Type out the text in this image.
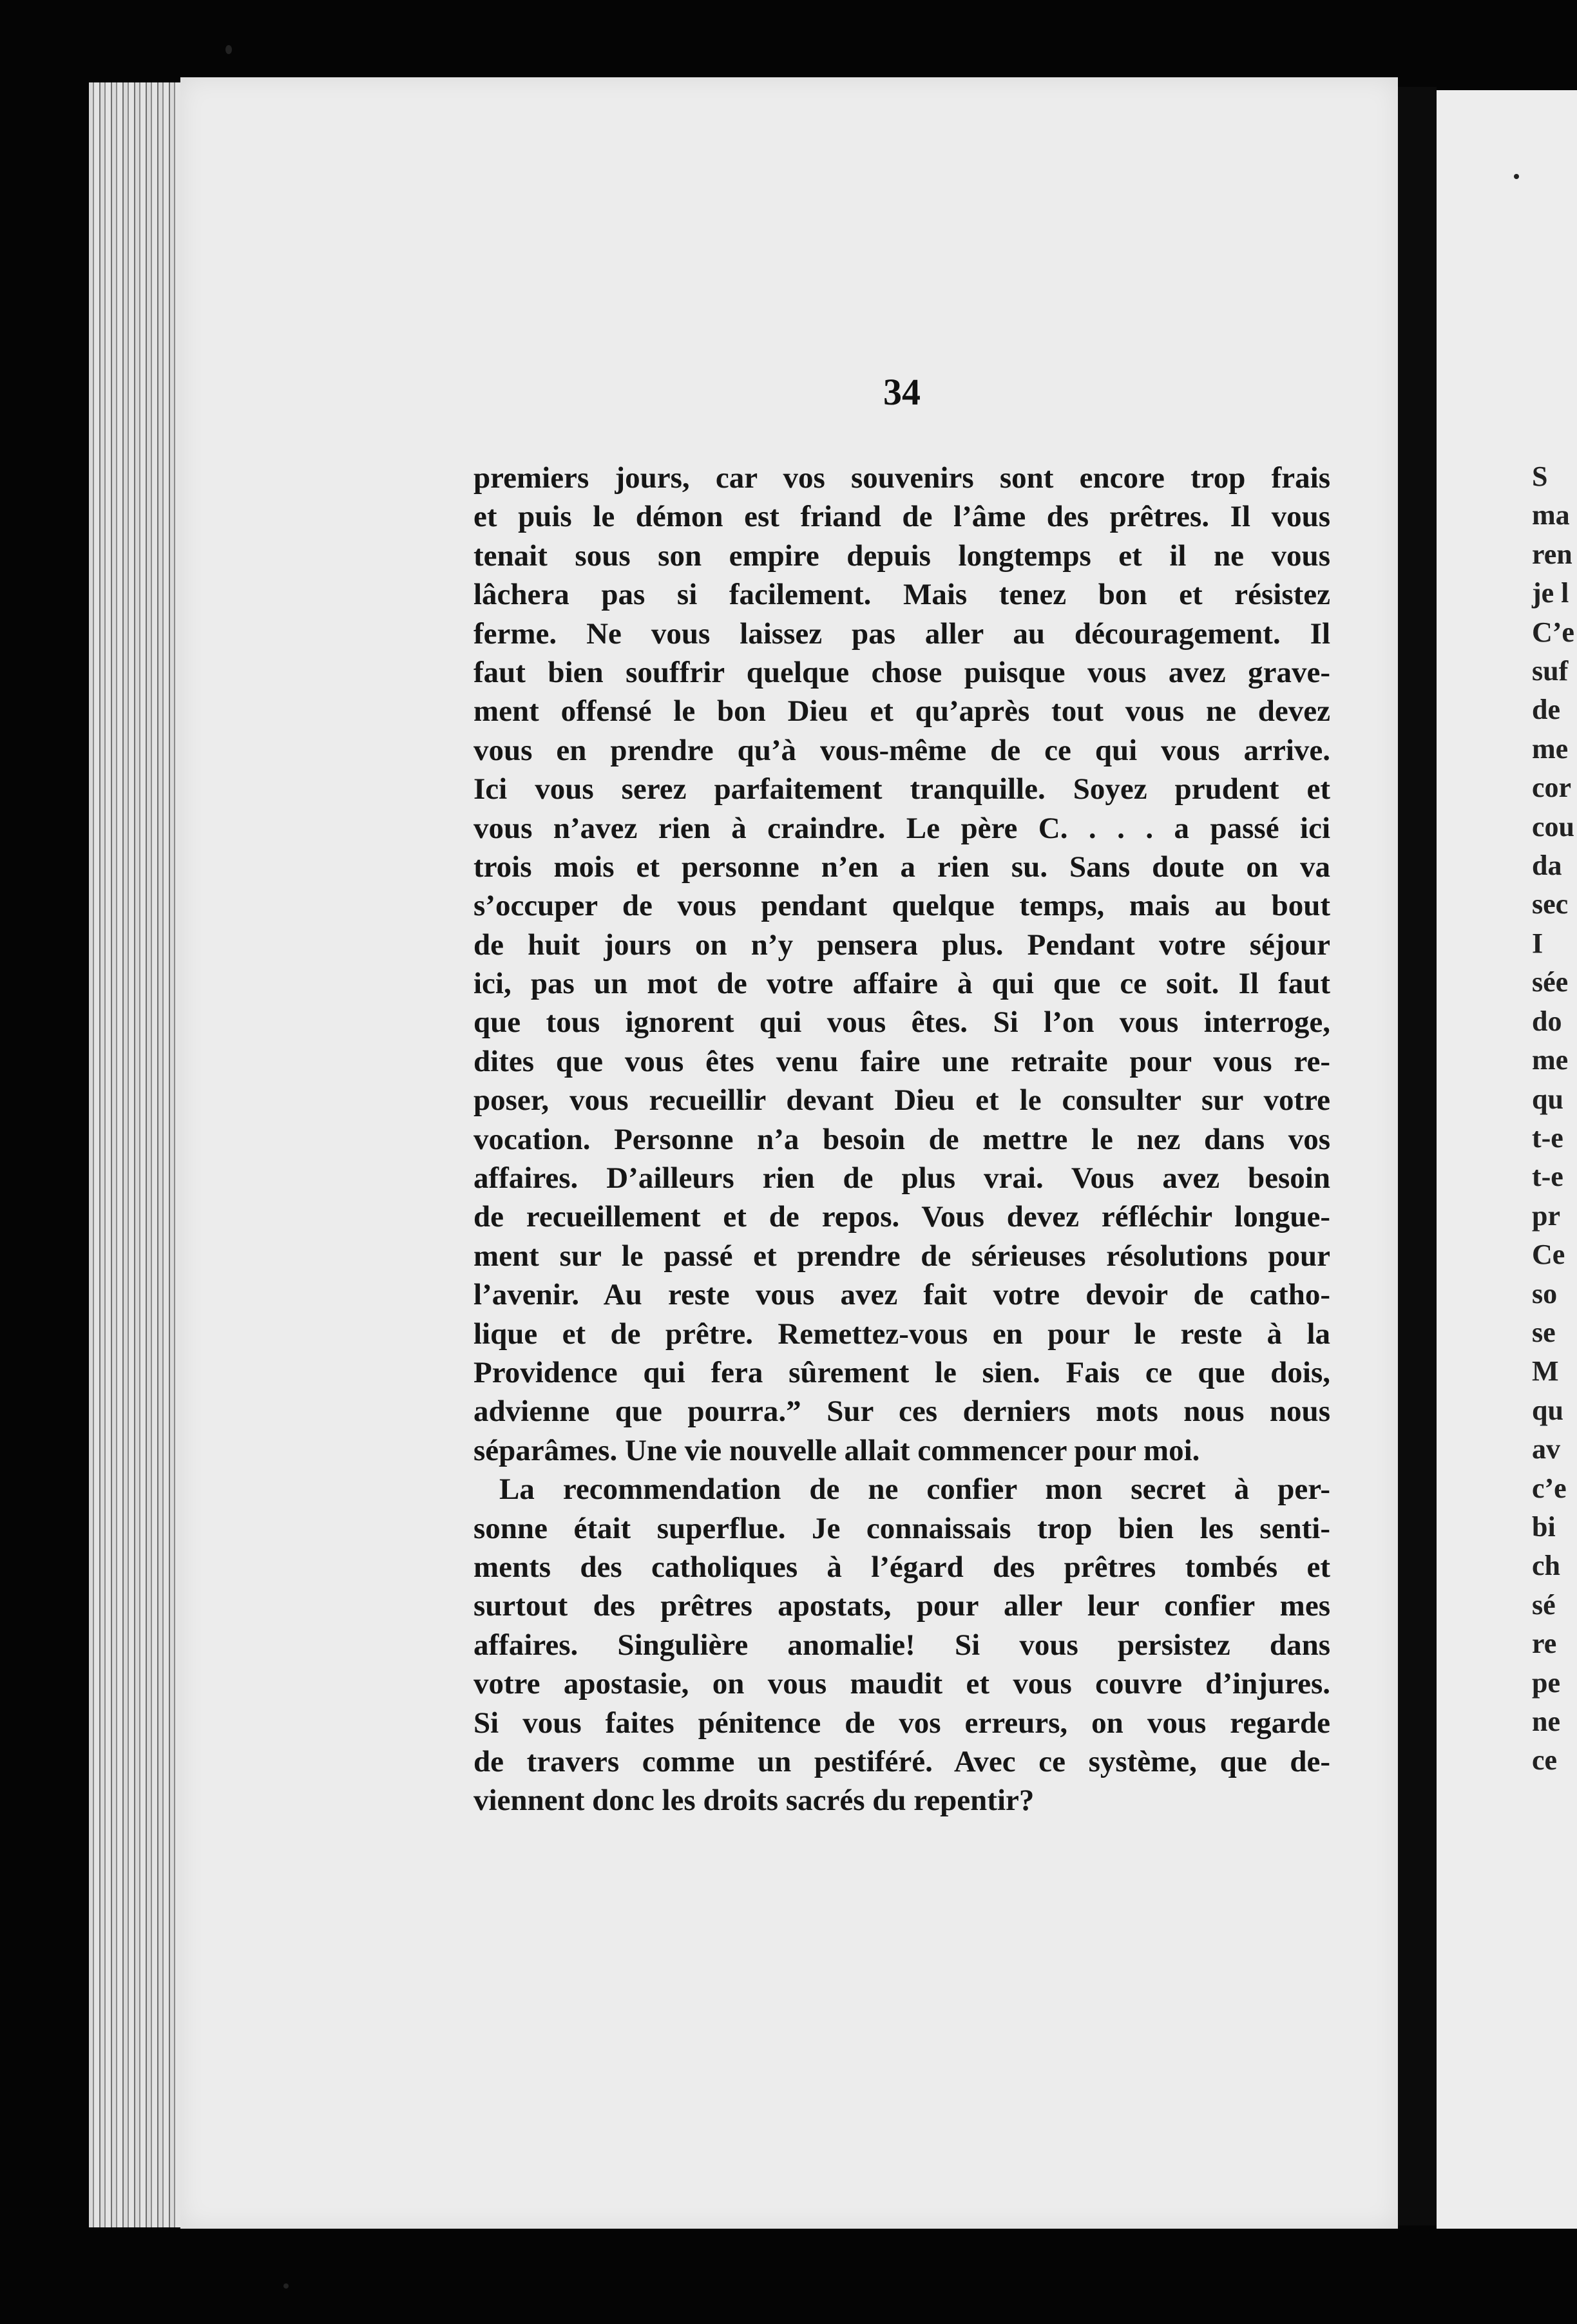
S
ma
ren
je l
C’e
suf
de
me
cor
cou
da
sec
I
sée
do
me
qu
t-e
t-e
pr
Ce
so
se
M
qu
av
c’e
bi
ch
sé
re
pe
ne
ce
34
premiers jours, car vos souvenirs sont encore trop frais
et puis le démon est friand de l’âme des prêtres. Il vous
tenait sous son empire depuis longtemps et il ne vous
lâchera pas si facilement. Mais tenez bon et résistez
ferme. Ne vous laissez pas aller au découragement. Il
faut bien souffrir quelque chose puisque vous avez grave-
ment offensé le bon Dieu et qu’après tout vous ne devez
vous en prendre qu’à vous-même de ce qui vous arrive.
Ici vous serez parfaitement tranquille. Soyez prudent et
vous n’avez rien à craindre. Le père C. . . . a passé ici
trois mois et personne n’en a rien su. Sans doute on va
s’occuper de vous pendant quelque temps, mais au bout
de huit jours on n’y pensera plus. Pendant votre séjour
ici, pas un mot de votre affaire à qui que ce soit. Il faut
que tous ignorent qui vous êtes. Si l’on vous interroge,
dites que vous êtes venu faire une retraite pour vous re-
poser, vous recueillir devant Dieu et le consulter sur votre
vocation. Personne n’a besoin de mettre le nez dans vos
affaires. D’ailleurs rien de plus vrai. Vous avez besoin
de recueillement et de repos. Vous devez réfléchir longue-
ment sur le passé et prendre de sérieuses résolutions pour
l’avenir. Au reste vous avez fait votre devoir de catho-
lique et de prêtre. Remettez-vous en pour le reste à la
Providence qui fera sûrement le sien. Fais ce que dois,
advienne que pourra.” Sur ces derniers mots nous nous
séparâmes. Une vie nouvelle allait commencer pour moi.
La recommendation de ne confier mon secret à per-
sonne était superflue. Je connaissais trop bien les senti-
ments des catholiques à l’égard des prêtres tombés et
surtout des prêtres apostats, pour aller leur confier mes
affaires. Singulière anomalie! Si vous persistez dans
votre apostasie, on vous maudit et vous couvre d’injures.
Si vous faites pénitence de vos erreurs, on vous regarde
de travers comme un pestiféré. Avec ce système, que de-
viennent donc les droits sacrés du repentir?
